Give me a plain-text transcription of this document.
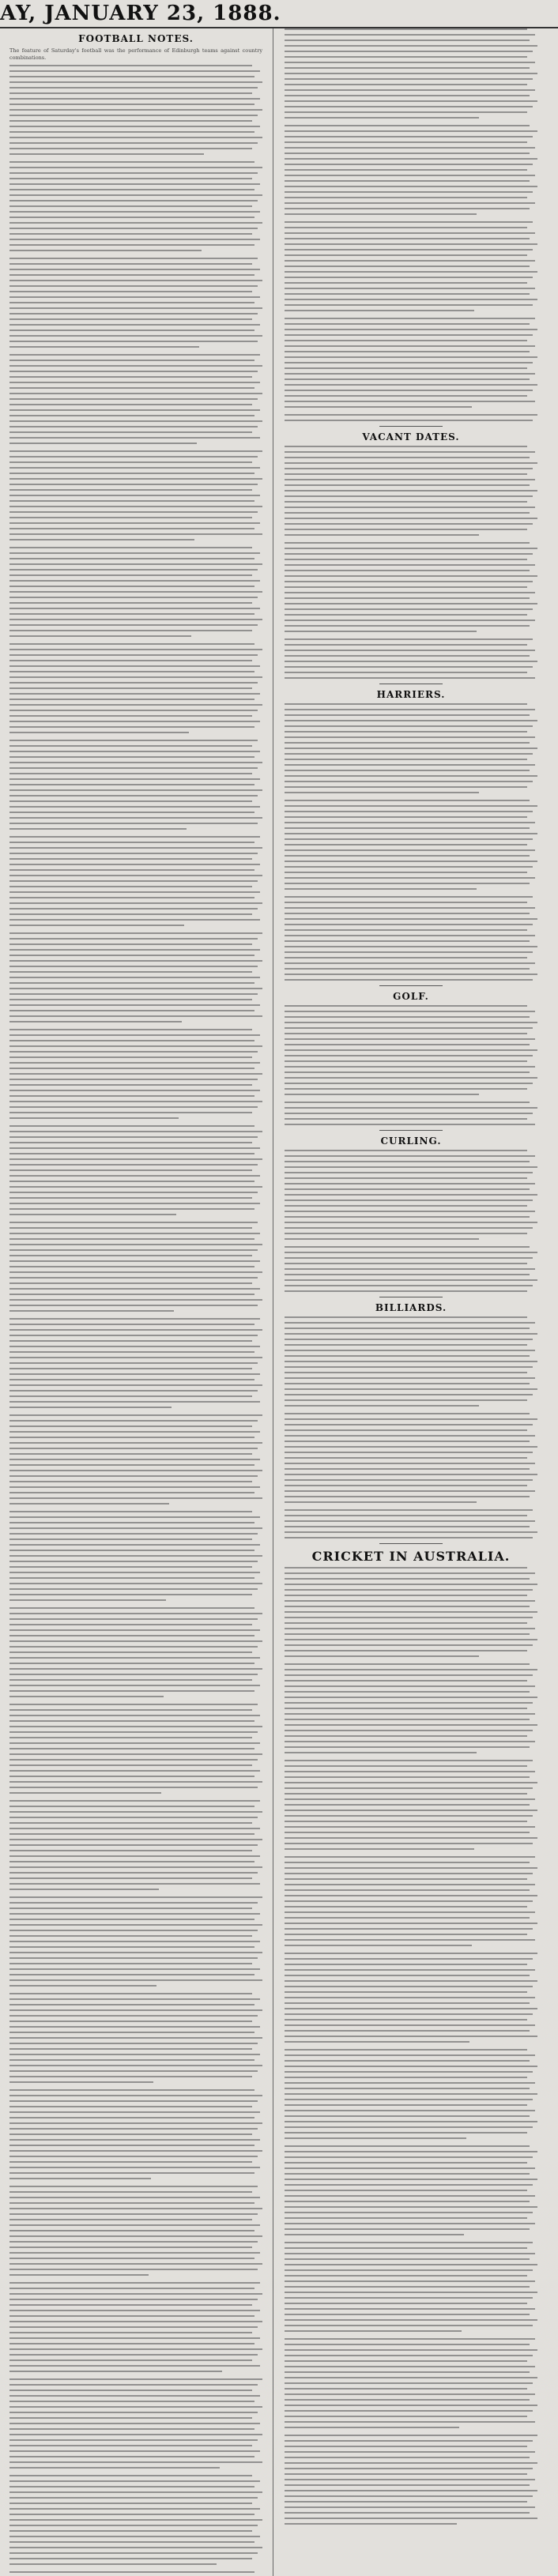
AY, JANUARY 23, 1888.
FOOTBALL NOTES.
The feature of Saturday's football was the performance of Edinburgh teams against country combinations.
VACANT DATES.
HARRIERS.
GOLF.
CURLING.
BILLIARDS.
CRICKET IN AUSTRALIA.
